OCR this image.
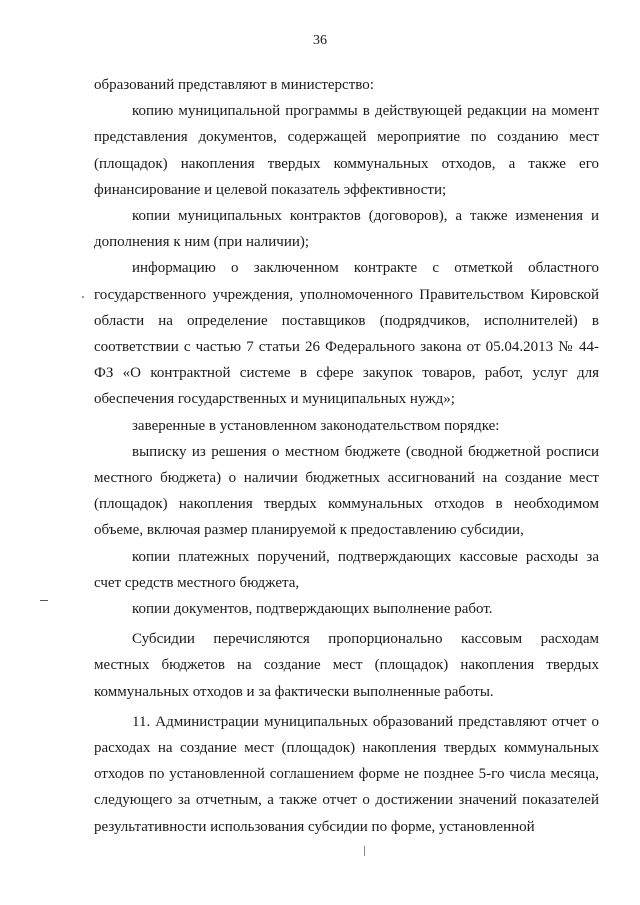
36

образований представляют в министерство:

копию муниципальной программы в действующей редакции на момент представления документов, содержащей мероприятие по созданию мест (площадок) накопления твердых коммунальных отходов, а также его финансирование и целевой показатель эффективности;

копии муниципальных контрактов (договоров), а также изменения и дополнения к ним (при наличии);

информацию о заключенном контракте с отметкой областного государственного учреждения, уполномоченного Правительством Кировской области на определение поставщиков (подрядчиков, исполнителей) в соответствии с частью 7 статьи 26 Федерального закона от 05.04.2013 № 44-ФЗ «О контрактной системе в сфере закупок товаров, работ, услуг для обеспечения государственных и муниципальных нужд»;

заверенные в установленном законодательством порядке:

выписку из решения о местном бюджете (сводной бюджетной росписи местного бюджета) о наличии бюджетных ассигнований на создание мест (площадок) накопления твердых коммунальных отходов в необходимом объеме, включая размер планируемой к предоставлению субсидии,

копии платежных поручений, подтверждающих кассовые расходы за счет средств местного бюджета,

копии документов, подтверждающих выполнение работ.

Субсидии перечисляются пропорционально кассовым расходам местных бюджетов на создание мест (площадок) накопления твердых коммунальных отходов и за фактически выполненные работы.

11. Администрации муниципальных образований представляют отчет о расходах на создание мест (площадок) накопления твердых коммунальных отходов по установленной соглашением форме не позднее 5-го числа месяца, следующего за отчетным, а также отчет о достижении значений показателей результативности использования субсидии по форме, установленной
